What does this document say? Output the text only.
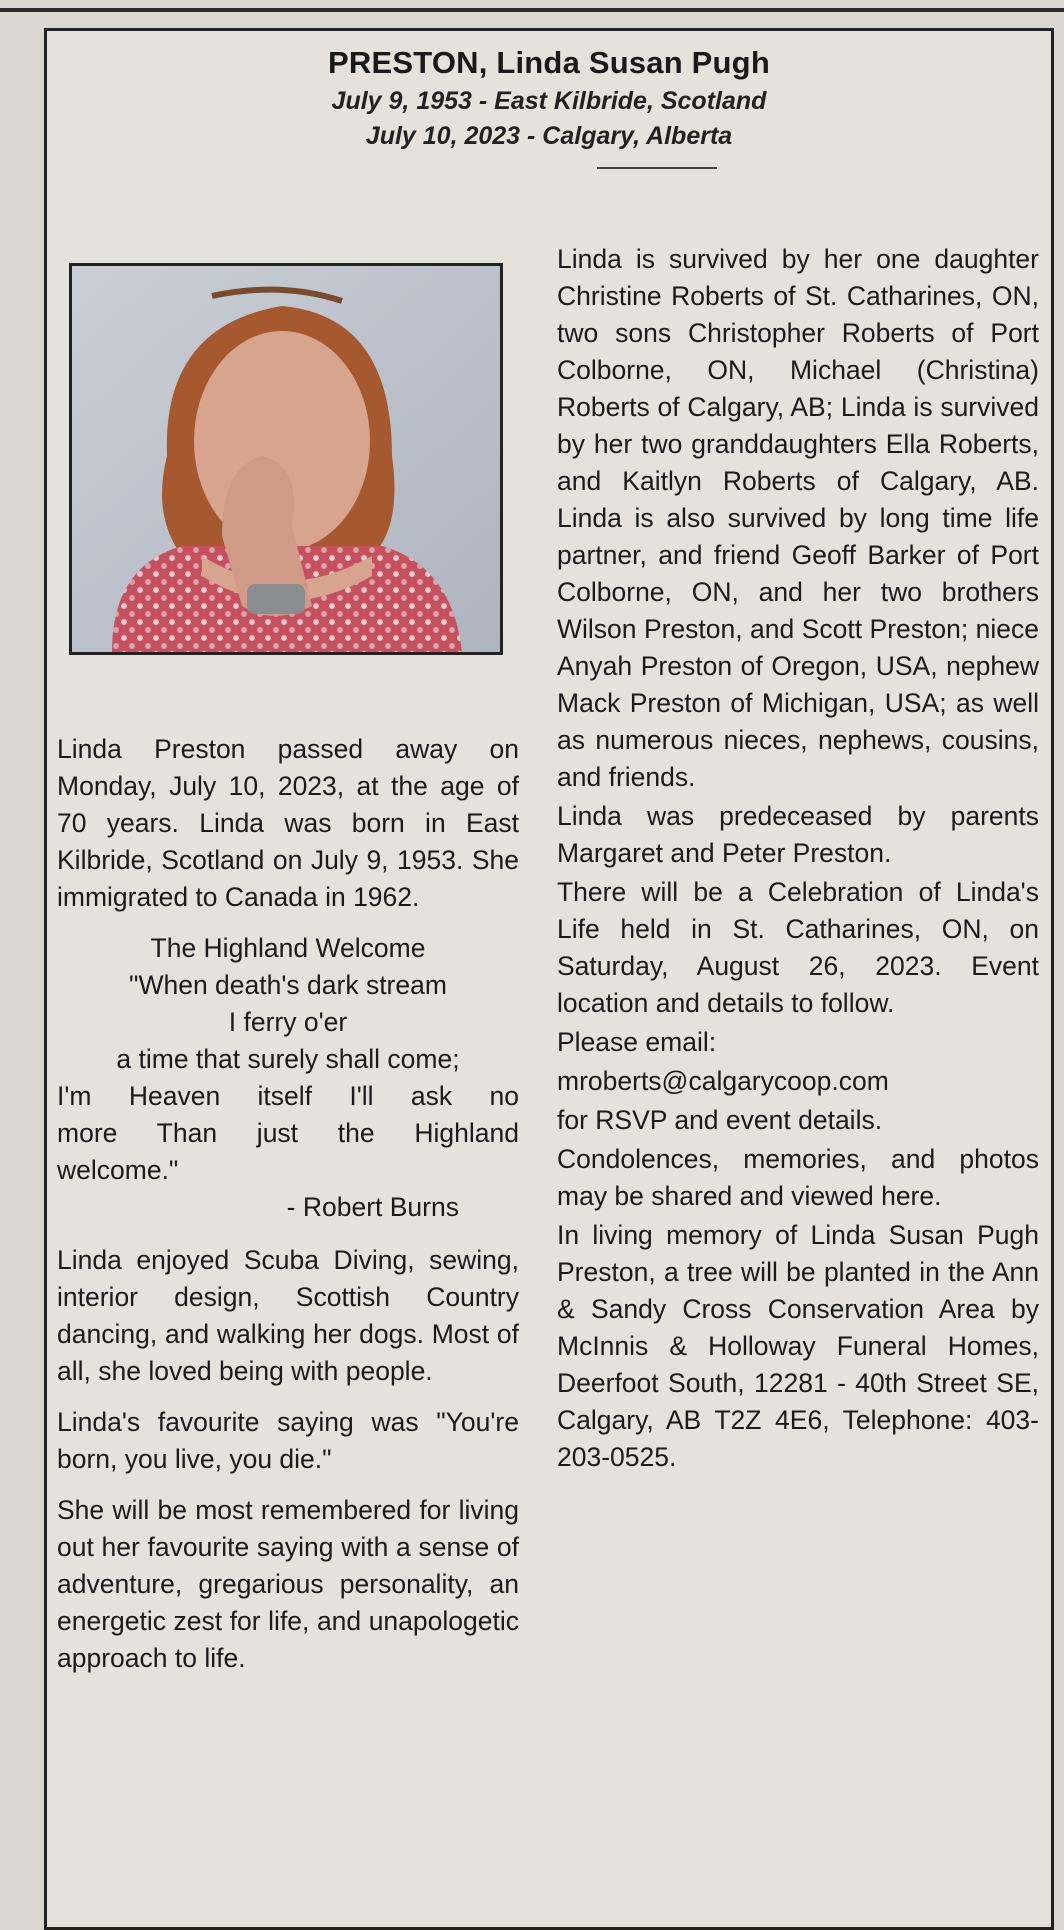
PRESTON, Linda Susan Pugh
July 9, 1953 - East Kilbride, Scotland
July 10, 2023 - Calgary, Alberta

Linda Preston passed away on Monday, July 10, 2023, at the age of 70 years. Linda was born in East Kilbride, Scotland on July 9, 1953. She immigrated to Canada in 1962.

The Highland Welcome
"When death's dark stream
I ferry o'er
a time that surely shall come;
I'm Heaven itself I'll ask no
more Than just the Highland
welcome."
- Robert Burns

Linda enjoyed Scuba Diving, sewing, interior design, Scottish Country dancing, and walking her dogs. Most of all, she loved being with people.

Linda's favourite saying was "You're born, you live, you die."

She will be most remembered for living out her favourite saying with a sense of adventure, gregarious personality, an energetic zest for life, and unapologetic approach to life.

Linda is survived by her one daughter Christine Roberts of St. Catharines, ON, two sons Christopher Roberts of Port Colborne, ON, Michael (Christina) Roberts of Calgary, AB; Linda is survived by her two granddaughters Ella Roberts, and Kaitlyn Roberts of Calgary, AB. Linda is also survived by long time life partner, and friend Geoff Barker of Port Colborne, ON, and her two brothers Wilson Preston, and Scott Preston; niece Anyah Preston of Oregon, USA, nephew Mack Preston of Michigan, USA; as well as numerous nieces, nephews, cousins, and friends.

Linda was predeceased by parents Margaret and Peter Preston.

There will be a Celebration of Linda's Life held in St. Catharines, ON, on Saturday, August 26, 2023. Event location and details to follow.

Please email:

mroberts@calgarycoop.com

for RSVP and event details.

Condolences, memories, and photos may be shared and viewed here.

In living memory of Linda Susan Pugh Preston, a tree will be planted in the Ann & Sandy Cross Conservation Area by McInnis & Holloway Funeral Homes, Deerfoot South, 12281 - 40th Street SE, Calgary, AB T2Z 4E6, Telephone: 403-203-0525.
